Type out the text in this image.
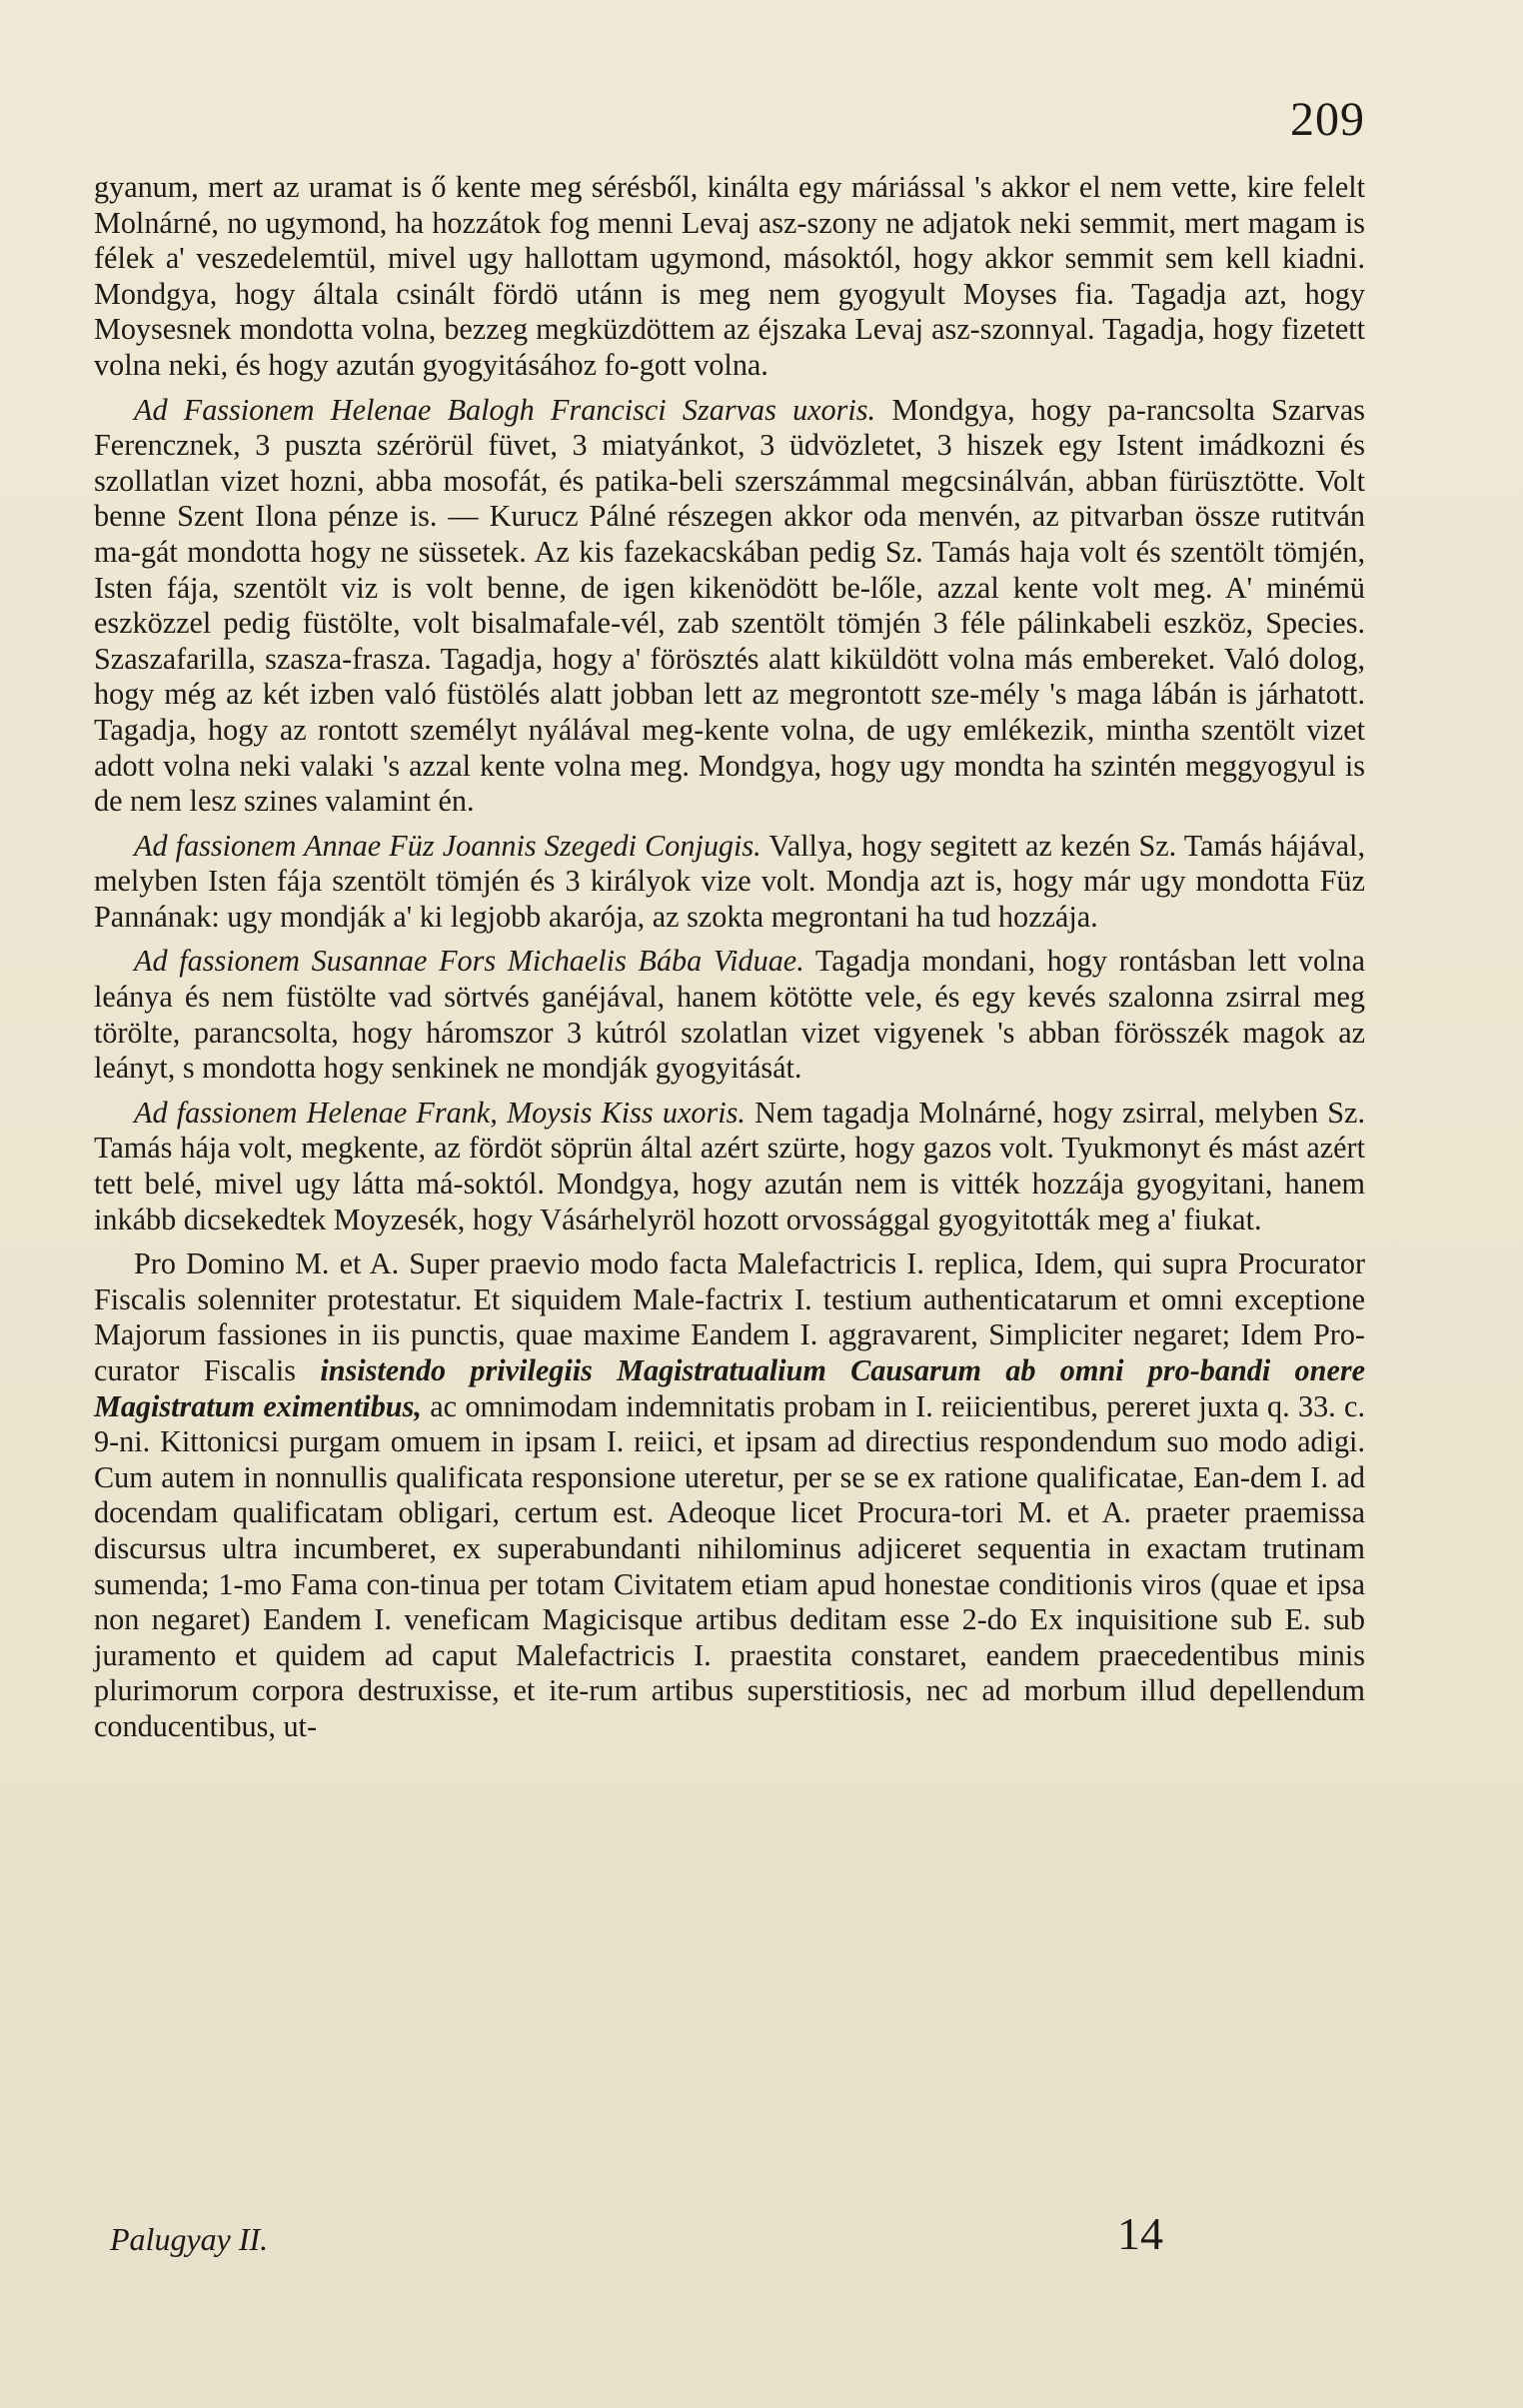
209

gyanum, mert az uramat is ő kente meg sérésből, kinálta egy máriással 's akkor el nem vette, kire felelt Molnárné, no ugymond, ha hozzátok fog menni Levaj asz-szony ne adjatok neki semmit, mert magam is félek a' veszedelemtül, mivel ugy hallottam ugymond, másoktól, hogy akkor semmit sem kell kiadni. Mondgya, hogy általa csinált fördö utánn is meg nem gyogyult Moyses fia. Tagadja azt, hogy Moysesnek mondotta volna, bezzeg megküzdöttem az éjszaka Levaj asz-szonnyal. Tagadja, hogy fizetett volna neki, és hogy azután gyogyitásához fo-gott volna.

Ad Fassionem Helenae Balogh Francisci Szarvas uxoris. Mondgya, hogy pa-rancsolta Szarvas Ferencznek, 3 puszta szérörül füvet, 3 miatyánkot, 3 üdvözletet, 3 hiszek egy Istent imádkozni és szollatlan vizet hozni, abba mosofát, és patika-beli szerszámmal megcsinálván, abban fürüsztötte. Volt benne Szent Ilona pénze is. — Kurucz Pálné részegen akkor oda menvén, az pitvarban össze rutitván ma-gát mondotta hogy ne süssetek. Az kis fazekacskában pedig Sz. Tamás haja volt és szentölt tömjén, Isten fája, szentölt viz is volt benne, de igen kikenödött be-lőle, azzal kente volt meg. A' minémü eszközzel pedig füstölte, volt bisalmafale-vél, zab szentölt tömjén 3 féle pálinkabeli eszköz, Species. Szaszafarilla, szasza-frasza. Tagadja, hogy a' förösztés alatt kiküldött volna más embereket. Való dolog, hogy még az két izben való füstölés alatt jobban lett az megrontott sze-mély 's maga lábán is járhatott. Tagadja, hogy az rontott személyt nyálával meg-kente volna, de ugy emlékezik, mintha szentölt vizet adott volna neki valaki 's azzal kente volna meg. Mondgya, hogy ugy mondta ha szintén meggyogyul is de nem lesz szines valamint én.

Ad fassionem Annae Füz Joannis Szegedi Conjugis. Vallya, hogy segitett az kezén Sz. Tamás hájával, melyben Isten fája szentölt tömjén és 3 királyok vize volt. Mondja azt is, hogy már ugy mondotta Füz Pannának: ugy mondják a' ki legjobb akarója, az szokta megrontani ha tud hozzája.

Ad fassionem Susannae Fors Michaelis Bába Viduae. Tagadja mondani, hogy rontásban lett volna leánya és nem füstölte vad sörtvés ganéjával, hanem kötötte vele, és egy kevés szalonna zsirral meg törölte, parancsolta, hogy háromszor 3 kútról szolatlan vizet vigyenek 's abban förösszék magok az leányt, s mondotta hogy senkinek ne mondják gyogyitását.

Ad fassionem Helenae Frank, Moysis Kiss uxoris. Nem tagadja Molnárné, hogy zsirral, melyben Sz. Tamás hája volt, megkente, az fördöt söprün által azért szürte, hogy gazos volt. Tyukmonyt és mást azért tett belé, mivel ugy látta má-soktól. Mondgya, hogy azután nem is vitték hozzája gyogyitani, hanem inkább dicsekedtek Moyzesék, hogy Vásárhelyröl hozott orvossággal gyogyitották meg a' fiukat.

Pro Domino M. et A. Super praevio modo facta Malefactricis I. replica, Idem, qui supra Procurator Fiscalis solenniter protestatur. Et siquidem Male-factrix I. testium authenticatarum et omni exceptione Majorum fassiones in iis punctis, quae maxime Eandem I. aggravarent, Simpliciter negaret; Idem Pro-curator Fiscalis insistendo privilegiis Magistratualium Causarum ab omni pro-bandi onere Magistratum eximentibus, ac omnimodam indemnitatis probam in I. reiicientibus, pereret juxta q. 33. c. 9-ni. Kittonicsi purgam omuem in ipsam I. reiici, et ipsam ad directius respondendum suo modo adigi. Cum autem in nonnullis qualificata responsione uteretur, per se se ex ratione qualificatae, Ean-dem I. ad docendam qualificatam obligari, certum est. Adeoque licet Procura-tori M. et A. praeter praemissa discursus ultra incumberet, ex superabundanti nihilominus adjiceret sequentia in exactam trutinam sumenda; 1-mo Fama con-tinua per totam Civitatem etiam apud honestae conditionis viros (quae et ipsa non negaret) Eandem I. veneficam Magicisque artibus deditam esse 2-do Ex inquisitione sub E. sub juramento et quidem ad caput Malefactricis I. praestita constaret, eandem praecedentibus minis plurimorum corpora destruxisse, et ite-rum artibus superstitiosis, nec ad morbum illud depellendum conducentibus, ut-

Palugyay II.	14
